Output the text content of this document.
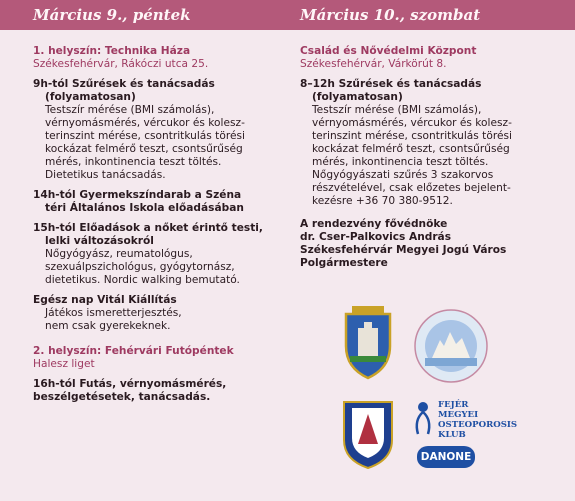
Március 9., péntek	Március 10., szombat
1. helyszín: Technika Háza
Székesfehérvár, Rákóczi utca 25.
9h-tól Szűrések és tanácsadás
(folyamatosan)
Testszír mérése (BMI számolás),
vérnyomásmérés, vércukor és kolesz-
terinszint mérése, csontritkulás törési
kockázat felmérő teszt, csontsűrűség
mérés, inkontinencia teszt töltés.
Dietetikus tanácsadás.
14h-tól Gyermekszíndarab a Széna
téri Általános Iskola előadásában
15h-tól Előadások a nőket érintő testi,
lelki változásokról
Nőgyógyász, reumatológus,
szexuálpszichológus, gyógytornász,
dietetikus. Nordic walking bemutató.
Egész nap Vitál Kiállítás
Játékos ismeretterjesztés,
nem csak gyerekeknek.
2. helyszín: Fehérvári Futópéntek
Halesz liget
16h-tól Futás, vérnyomásmérés,
beszélgetésetek, tanácsadás.
Család és Nővédelmi Központ
Székesfehérvár, Várkörút 8.
8–12h Szűrések és tanácsadás
(folyamatosan)
Testszír mérése (BMI számolás),
vérnyomásmérés, vércukor és kolesz-
terinszint mérése, csontritkulás törési
kockázat felmérő teszt, csontsűrűség
mérés, inkontinencia teszt töltés.
Nőgyógyászati szűrés 3 szakorvos
részvételével, csak előzetes bejelent-
kezésre +36 70 380-9512.
A rendezvény fővédnöke
dr. Cser-Palkovics András
Székesfehérvár Megyei Jogú Város
Polgármestere
FEJÉR
MEGYEI
OSTEOPOROSIS
KLUB
DANONE
